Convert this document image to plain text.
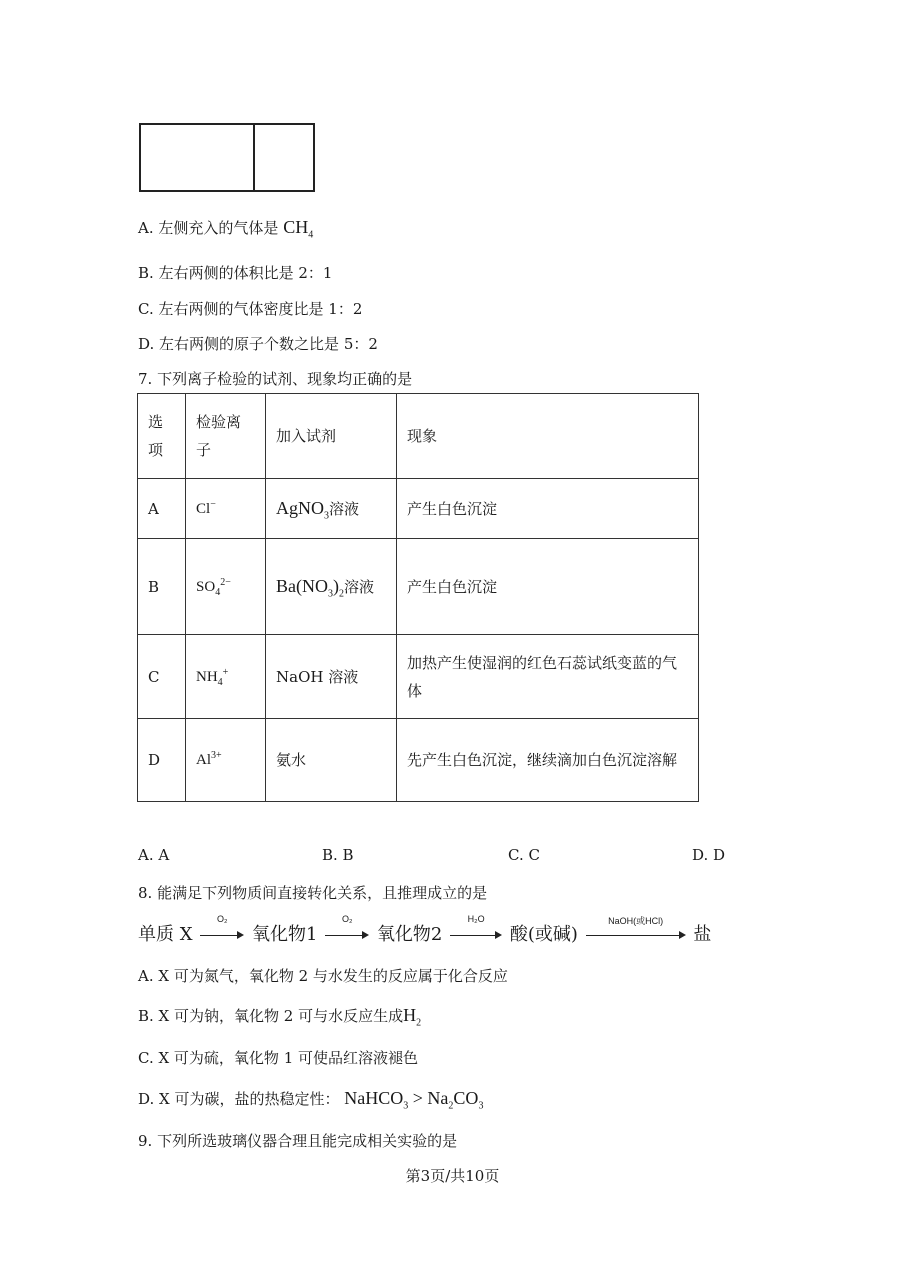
A. 左侧充入的气体是 $CH_4$
B. 左右两侧的体积比是 2：1
C. 左右两侧的气体密度比是 1：2
D. 左右两侧的原子个数之比是 5：2
7. 下列离子检验的试剂、现象均正确的是
选项	检验离子	加入试剂	现象
A	Cl−	AgNO$_3$溶液	产生白色沉淀
B	$SO_4^{2-}$	$Ba(NO_3)_2$溶液	产生白色沉淀
C	$NH_4^+$	NaOH 溶液	加热产生使湿润的红色石蕊试纸变蓝的气体
D	$Al^{3+}$	氨水	先产生白色沉淀，继续滴加白色沉淀溶解
A. A	B. B	C. C	D. D
8. 能满足下列物质间直接转化关系，且推理成立的是
单质 X
O₂
氧化物1
O₂
氧化物2
H₂O
酸(或碱)
NaOH(或HCl)
盐
A. X 可为氮气，氧化物 2 与水发生的反应属于化合反应
B. X 可为钠，氧化物 2 可与水反应生成$H_2$
C. X 可为硫，氧化物 1 可使品红溶液褪色
D. X 可为碳，盐的热稳定性： NaHCO$_3$ > $Na_2CO_3$
9. 下列所选玻璃仪器合理且能完成相关实验的是
第3页/共10页
